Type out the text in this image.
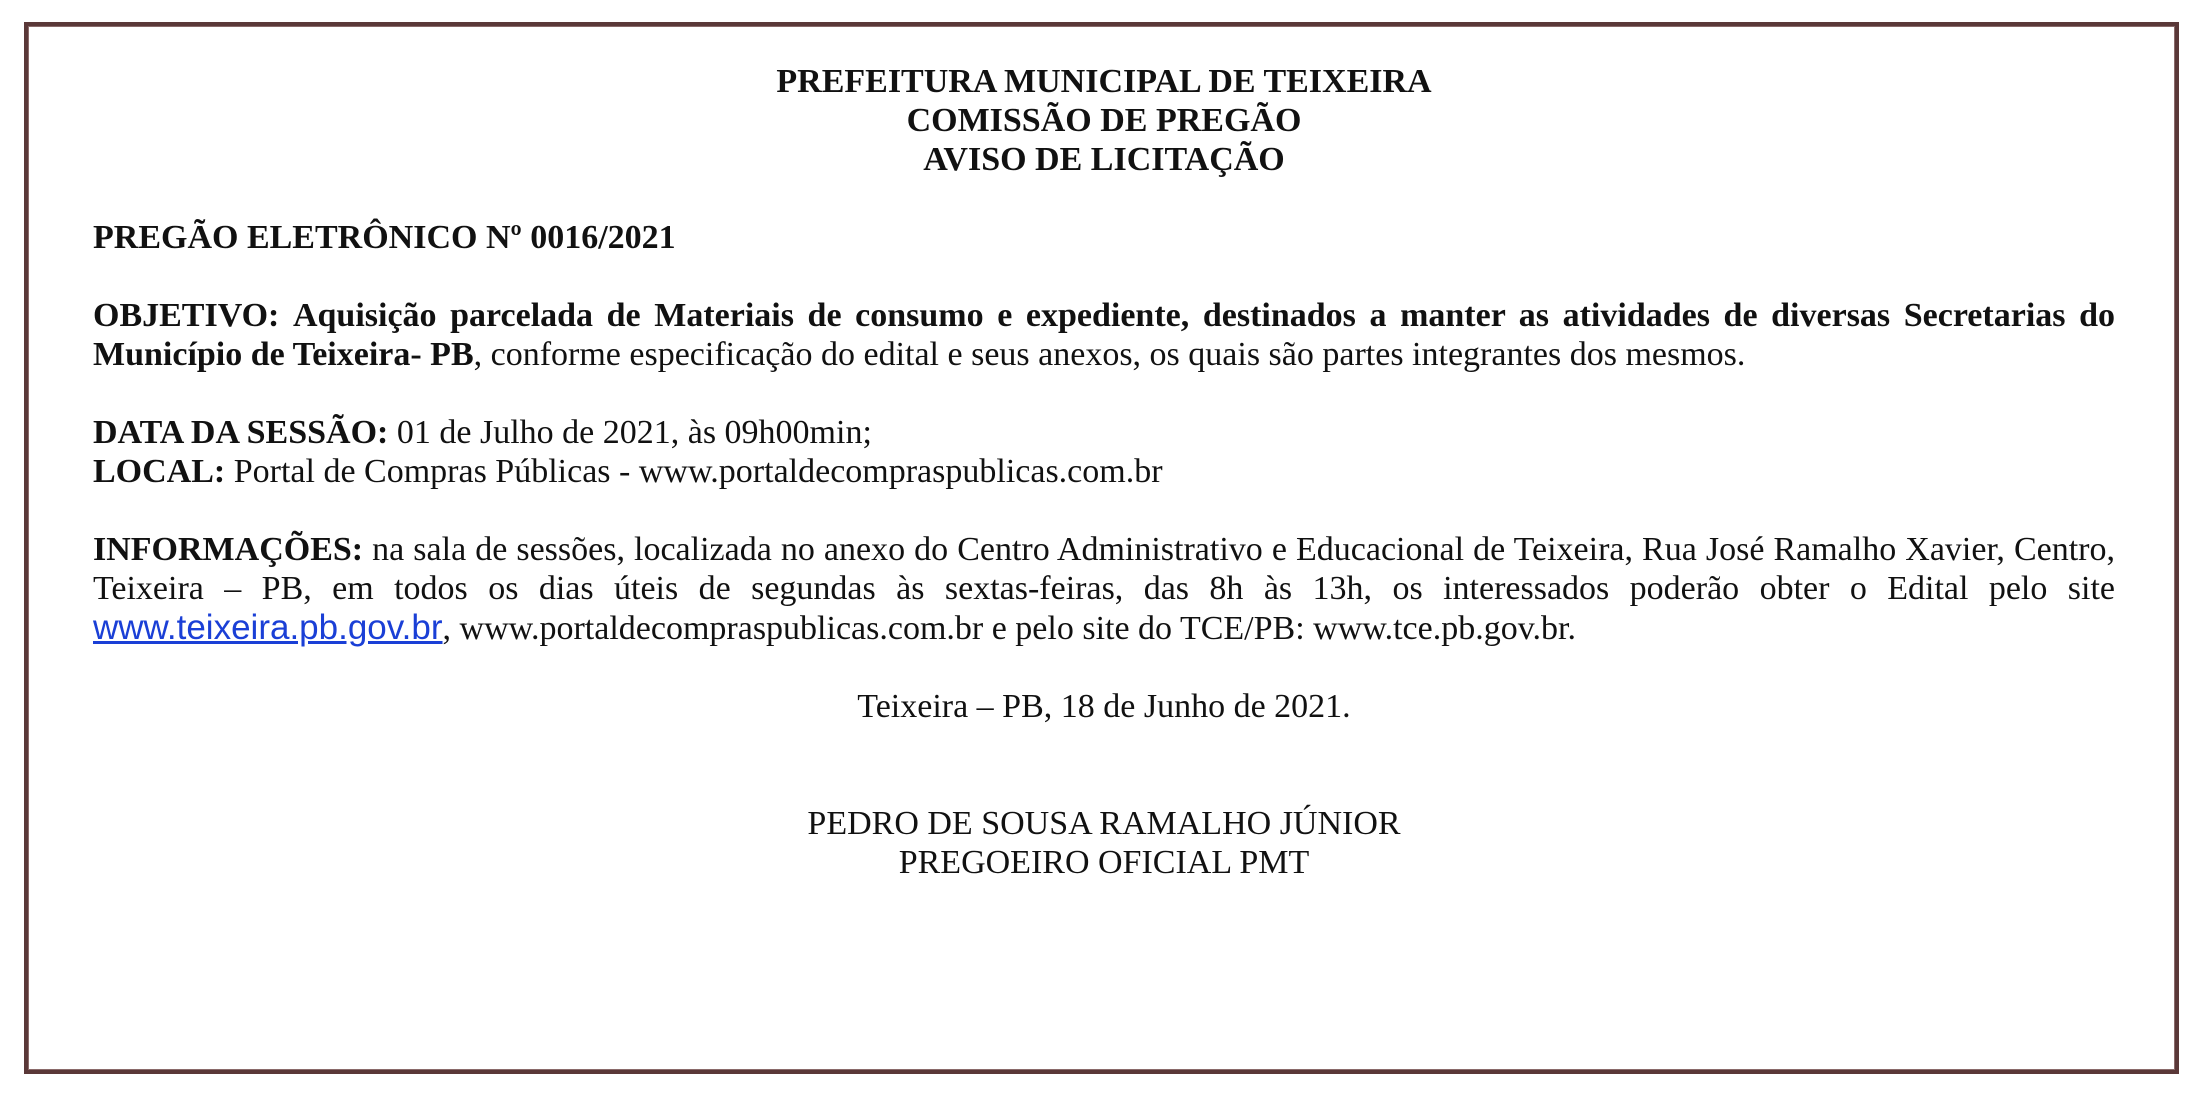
PREFEITURA MUNICIPAL DE TEIXEIRA
COMISSÃO DE PREGÃO
AVISO DE LICITAÇÃO

PREGÃO ELETRÔNICO Nº 0016/2021

OBJETIVO: Aquisição parcelada de Materiais de consumo e expediente, destinados a manter as atividades de diversas Secretarias do Município de Teixeira- PB, conforme especificação do edital e seus anexos, os quais são partes integrantes dos mesmos.

DATA DA SESSÃO: 01 de Julho de 2021, às 09h00min;

LOCAL: Portal de Compras Públicas - www.portaldecompraspublicas.com.br

INFORMAÇÕES: na sala de sessões, localizada no anexo do Centro Administrativo e Educacional de Teixeira, Rua José Ramalho Xavier, Centro, Teixeira – PB, em todos os dias úteis de segundas às sextas-feiras, das 8h às 13h, os interessados poderão obter o Edital pelo site www.teixeira.pb.gov.br, www.portaldecompraspublicas.com.br e pelo site do TCE/PB: www.tce.pb.gov.br.

Teixeira – PB, 18 de Junho de 2021.

PEDRO DE SOUSA RAMALHO JÚNIOR

PREGOEIRO OFICIAL PMT
